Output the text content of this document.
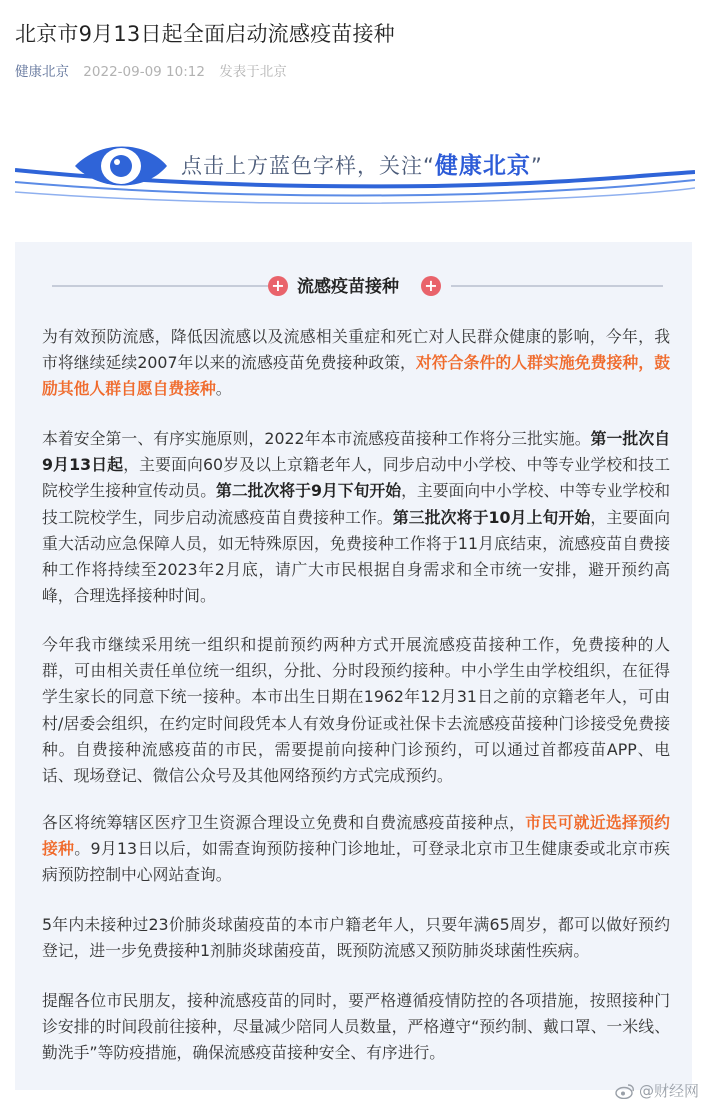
北京市9月13日起全面启动流感疫苗接种
健康北京 2022-09-09 10:12 发表于北京
点击上方蓝色字样，关注“健康北京”
+ 流感疫苗接种 +
为有效预防流感，降低因流感以及流感相关重症和死亡对人民群众健康的影响，今年，我市将继续延续2007年以来的流感疫苗免费接种政策，对符合条件的人群实施免费接种，鼓励其他人群自愿自费接种。
本着安全第一、有序实施原则，2022年本市流感疫苗接种工作将分三批实施。第一批次自9月13日起，主要面向60岁及以上京籍老年人，同步启动中小学校、中等专业学校和技工院校学生接种宣传动员。第二批次将于9月下旬开始，主要面向中小学校、中等专业学校和技工院校学生，同步启动流感疫苗自费接种工作。第三批次将于10月上旬开始，主要面向重大活动应急保障人员，如无特殊原因，免费接种工作将于11月底结束，流感疫苗自费接种工作将持续至2023年2月底，请广大市民根据自身需求和全市统一安排，避开预约高峰，合理选择接种时间。
今年我市继续采用统一组织和提前预约两种方式开展流感疫苗接种工作，免费接种的人群，可由相关责任单位统一组织，分批、分时段预约接种。中小学生由学校组织，在征得学生家长的同意下统一接种。本市出生日期在1962年12月31日之前的京籍老年人，可由村/居委会组织，在约定时间段凭本人有效身份证或社保卡去流感疫苗接种门诊接受免费接种。自费接种流感疫苗的市民，需要提前向接种门诊预约，可以通过首都疫苗APP、电话、现场登记、微信公众号及其他网络预约方式完成预约。
各区将统筹辖区医疗卫生资源合理设立免费和自费流感疫苗接种点，市民可就近选择预约接种。9月13日以后，如需查询预防接种门诊地址，可登录北京市卫生健康委或北京市疾病预防控制中心网站查询。
5年内未接种过23价肺炎球菌疫苗的本市户籍老年人，只要年满65周岁，都可以做好预约登记，进一步免费接种1剂肺炎球菌疫苗，既预防流感又预防肺炎球菌性疾病。
提醒各位市民朋友，接种流感疫苗的同时，要严格遵循疫情防控的各项措施，按照接种门诊安排的时间段前往接种，尽量减少陪同人员数量，严格遵守“预约制、戴口罩、一米线、勤洗手”等防疫措施，确保流感疫苗接种安全、有序进行。
@财经网
